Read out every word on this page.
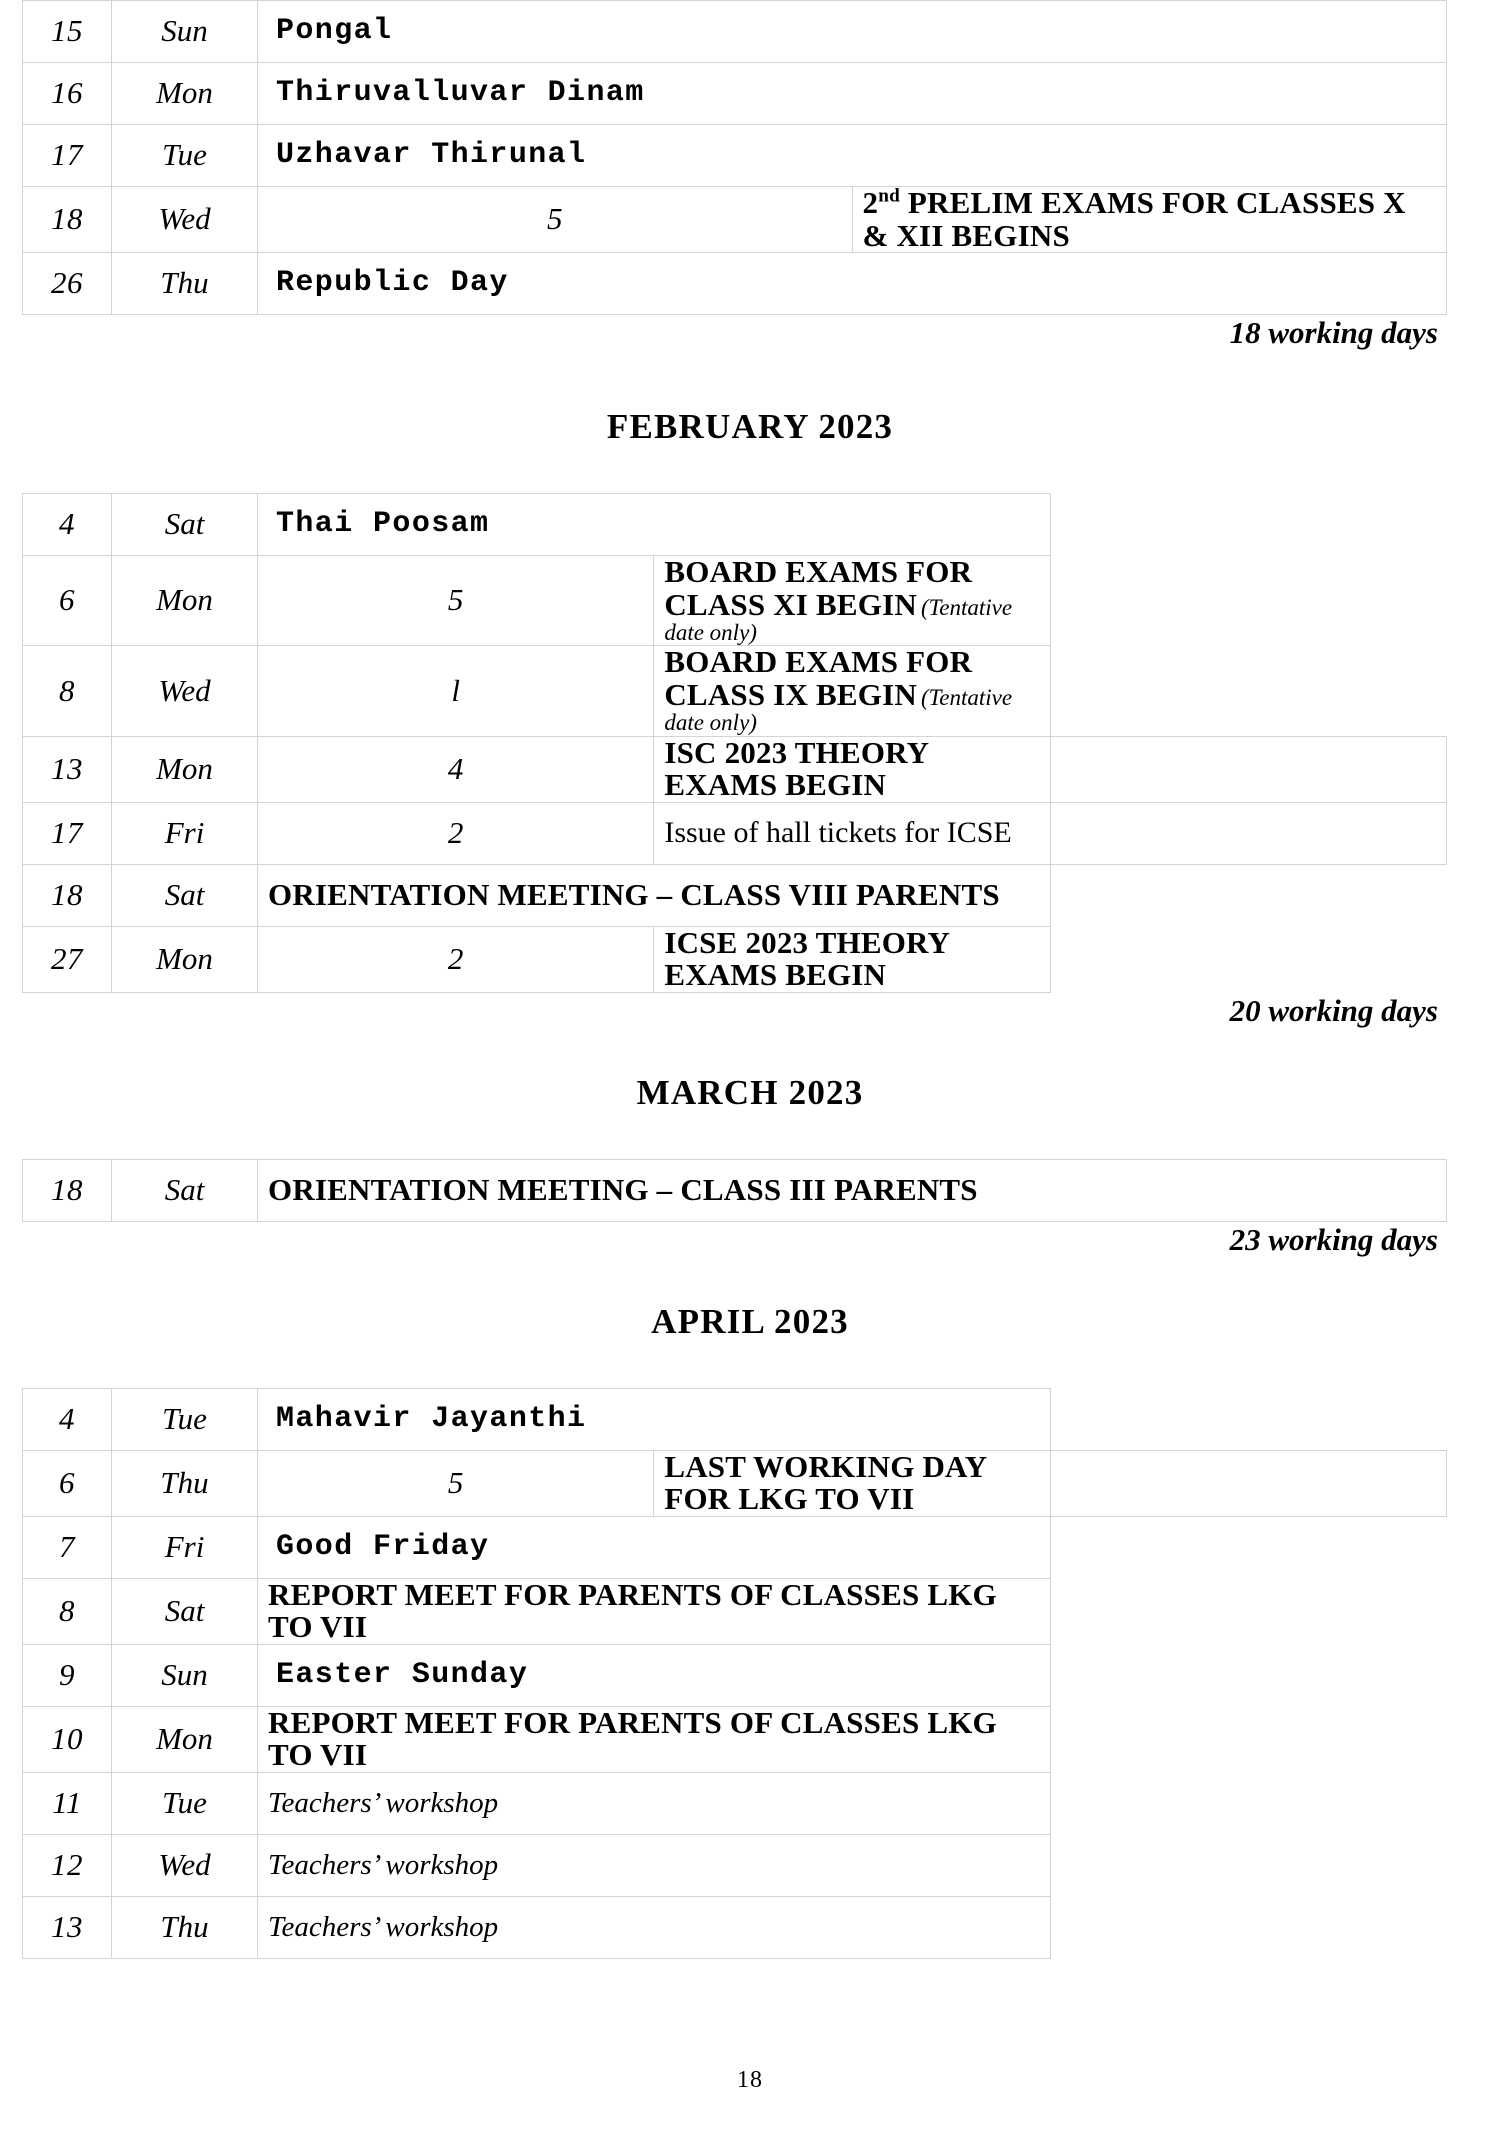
15	Sun	Pongal	
16	Mon	Thiruvalluvar Dinam	
17	Tue	Uzhavar Thirunal	
18	Wed	5	2nd PRELIM EXAMS FOR CLASSES X & XII BEGINS
26	Thu	Republic Day	
18 working days
FEBRUARY 2023
4	Sat	Thai Poosam		
6	Mon	5	BOARD EXAMS FOR CLASS XI BEGIN (Tentative date only)	
8	Wed	l	BOARD EXAMS FOR CLASS IX BEGIN (Tentative date only)	
13	Mon	4	ISC 2023 THEORY EXAMS BEGIN	
17	Fri	2	Issue of hall tickets for ICSE	
18	Sat	ORIENTATION MEETING – CLASS VIII PARENTS		
27	Mon	2	ICSE 2023 THEORY EXAMS BEGIN	
20 working days
MARCH 2023
18	Sat	ORIENTATION MEETING – CLASS III PARENTS
23 working days
APRIL 2023
4	Tue	Mahavir Jayanthi		
6	Thu	5	LAST WORKING DAY FOR LKG TO VII	
7	Fri	Good Friday		
8	Sat	REPORT MEET FOR PARENTS OF CLASSES LKG TO VII		
9	Sun	Easter Sunday		
10	Mon	REPORT MEET FOR PARENTS OF CLASSES LKG TO VII		
11	Tue	Teachers’ workshop		
12	Wed	Teachers’ workshop		
13	Thu	Teachers’ workshop		
18
